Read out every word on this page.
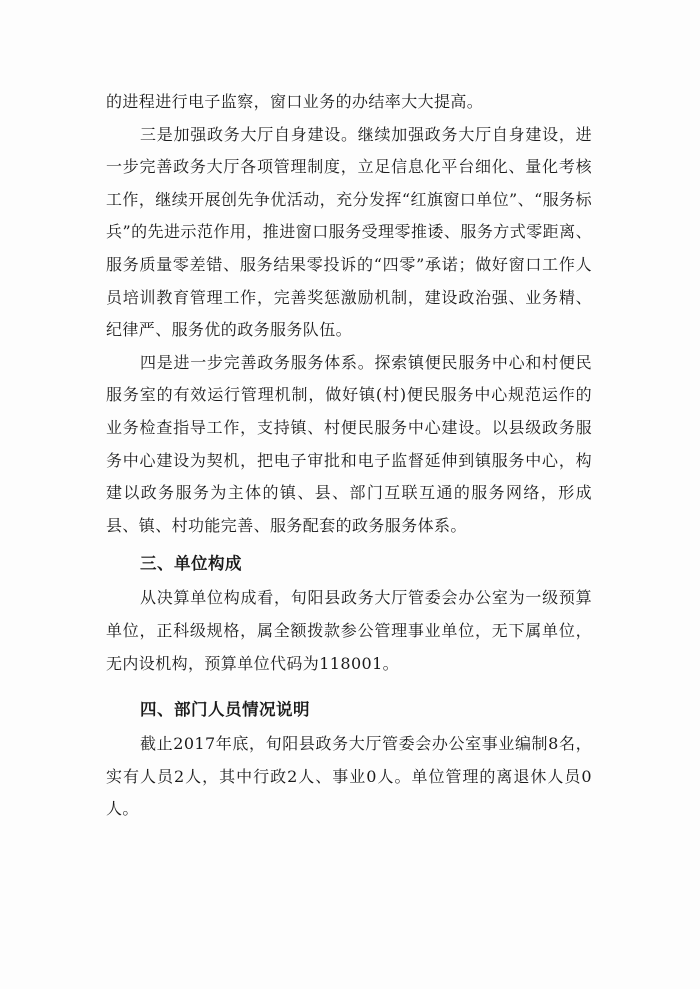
的进程进行电子监察，窗口业务的办结率大大提高。

三是加强政务大厅自身建设。继续加强政务大厅自身建设，进一步完善政务大厅各项管理制度，立足信息化平台细化、量化考核工作，继续开展创先争优活动，充分发挥“红旗窗口单位”、“服务标兵”的先进示范作用，推进窗口服务受理零推诿、服务方式零距离、服务质量零差错、服务结果零投诉的“四零”承诺；做好窗口工作人员培训教育管理工作，完善奖惩激励机制，建设政治强、业务精、纪律严、服务优的政务服务队伍。

四是进一步完善政务服务体系。探索镇便民服务中心和村便民服务室的有效运行管理机制，做好镇(村)便民服务中心规范运作的业务检查指导工作，支持镇、村便民服务中心建设。以县级政务服务中心建设为契机，把电子审批和电子监督延伸到镇服务中心，构建以政务服务为主体的镇、县、部门互联互通的服务网络，形成县、镇、村功能完善、服务配套的政务服务体系。

三、单位构成

从决算单位构成看，旬阳县政务大厅管委会办公室为一级预算单位，正科级规格，属全额拨款参公管理事业单位，无下属单位，无内设机构，预算单位代码为118001。

四、部门人员情况说明

截止2017年底，旬阳县政务大厅管委会办公室事业编制8名，实有人员2人，其中行政2人、事业0人。单位管理的离退休人员0人。
